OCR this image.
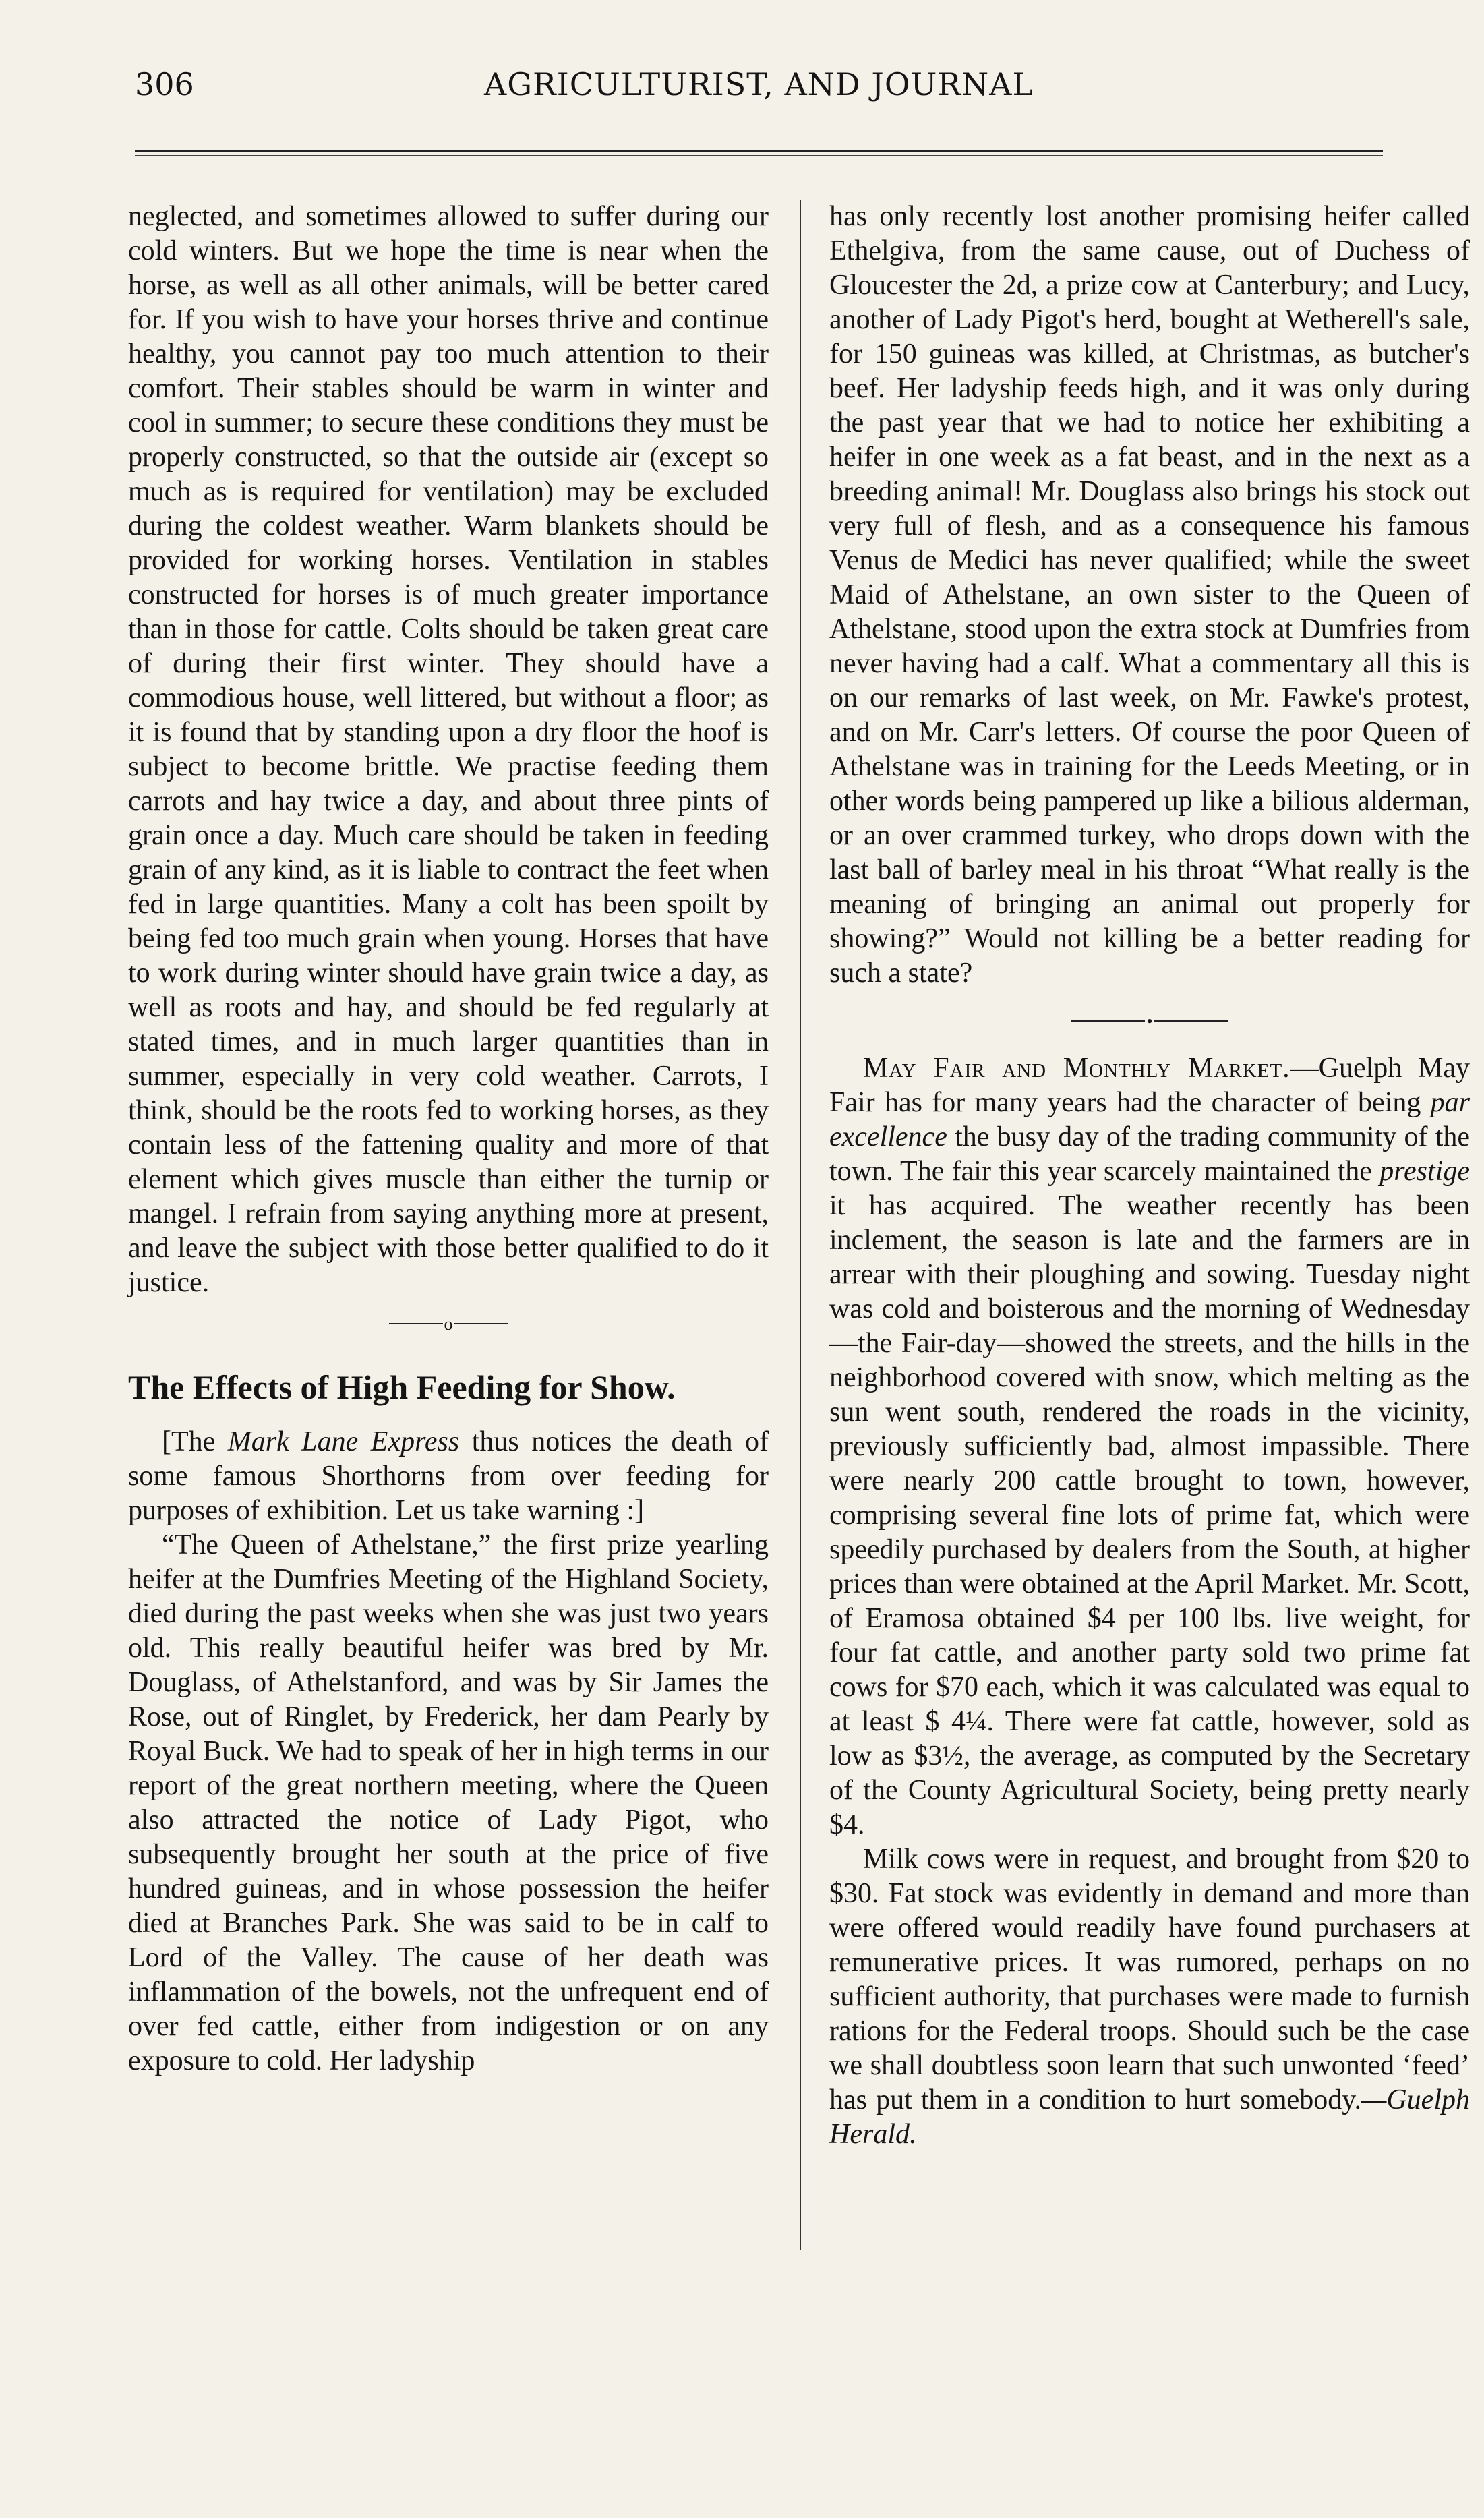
306	AGRICULTURIST, AND JOURNAL

neglected, and sometimes allowed to suffer during our cold winters. But we hope the time is near when the horse, as well as all other animals, will be better cared for. If you wish to have your horses thrive and continue healthy, you cannot pay too much attention to their comfort. Their stables should be warm in winter and cool in summer; to secure these conditions they must be properly constructed, so that the outside air (except so much as is required for ventilation) may be excluded during the coldest weather. Warm blankets should be provided for working horses. Ventilation in stables constructed for horses is of much greater importance than in those for cattle. Colts should be taken great care of during their first winter. They should have a commodious house, well littered, but without a floor; as it is found that by standing upon a dry floor the hoof is subject to become brittle. We practise feeding them carrots and hay twice a day, and about three pints of grain once a day. Much care should be taken in feeding grain of any kind, as it is liable to contract the feet when fed in large quantities. Many a colt has been spoilt by being fed too much grain when young. Horses that have to work during winter should have grain twice a day, as well as roots and hay, and should be fed regularly at stated times, and in much larger quantities than in summer, especially in very cold weather. Carrots, I think, should be the roots fed to working horses, as they contain less of the fattening quality and more of that element which gives muscle than either the turnip or mangel. I refrain from saying anything more at present, and leave the subject with those better qualified to do it justice.

o
The Effects of High Feeding for Show.

[The Mark Lane Express thus notices the death of some famous Shorthorns from over feeding for purposes of exhibition. Let us take warning :]

“The Queen of Athelstane,” the first prize yearling heifer at the Dumfries Meeting of the Highland Society, died during the past weeks when she was just two years old. This really beautiful heifer was bred by Mr. Douglass, of Athelstanford, and was by Sir James the Rose, out of Ringlet, by Frederick, her dam Pearly by Royal Buck. We had to speak of her in high terms in our report of the great northern meeting, where the Queen also attracted the notice of Lady Pigot, who subsequently brought her south at the price of five hundred guineas, and in whose possession the heifer died at Branches Park. She was said to be in calf to Lord of the Valley. The cause of her death was inflammation of the bowels, not the unfrequent end of over fed cattle, either from indigestion or on any exposure to cold. Her ladyship

has only recently lost another promising heifer called Ethelgiva, from the same cause, out of Duchess of Gloucester the 2d, a prize cow at Canterbury; and Lucy, another of Lady Pigot's herd, bought at Wetherell's sale, for 150 guineas was killed, at Christmas, as butcher's beef. Her ladyship feeds high, and it was only during the past year that we had to notice her exhibiting a heifer in one week as a fat beast, and in the next as a breeding animal! Mr. Douglass also brings his stock out very full of flesh, and as a consequence his famous Venus de Medici has never qualified; while the sweet Maid of Athelstane, an own sister to the Queen of Athelstane, stood upon the extra stock at Dumfries from never having had a calf. What a commentary all this is on our remarks of last week, on Mr. Fawke's protest, and on Mr. Carr's letters. Of course the poor Queen of Athelstane was in training for the Leeds Meeting, or in other words being pampered up like a bilious alderman, or an over crammed turkey, who drops down with the last ball of barley meal in his throat “What really is the meaning of bringing an animal out properly for showing?” Would not killing be a better reading for such a state?

•

May Fair and Monthly Market.—Guelph May Fair has for many years had the character of being par excellence the busy day of the trading community of the town. The fair this year scarcely maintained the prestige it has acquired. The weather recently has been inclement, the season is late and the farmers are in arrear with their ploughing and sowing. Tuesday night was cold and boisterous and the morning of Wednesday—the Fair-day—showed the streets, and the hills in the neighborhood covered with snow, which melting as the sun went south, rendered the roads in the vicinity, previously sufficiently bad, almost impassible. There were nearly 200 cattle brought to town, however, comprising several fine lots of prime fat, which were speedily purchased by dealers from the South, at higher prices than were obtained at the April Market. Mr. Scott, of Eramosa obtained $4 per 100 lbs. live weight, for four fat cattle, and another party sold two prime fat cows for $70 each, which it was calculated was equal to at least $ 4¼. There were fat cattle, however, sold as low as $3½, the average, as computed by the Secretary of the County Agricultural Society, being pretty nearly $4.

Milk cows were in request, and brought from $20 to $30. Fat stock was evidently in demand and more than were offered would readily have found purchasers at remunerative prices. It was rumored, perhaps on no sufficient authority, that purchases were made to furnish rations for the Federal troops. Should such be the case we shall doubtless soon learn that such unwonted ‘feed’ has put them in a condition to hurt somebody.—Guelph Herald.
